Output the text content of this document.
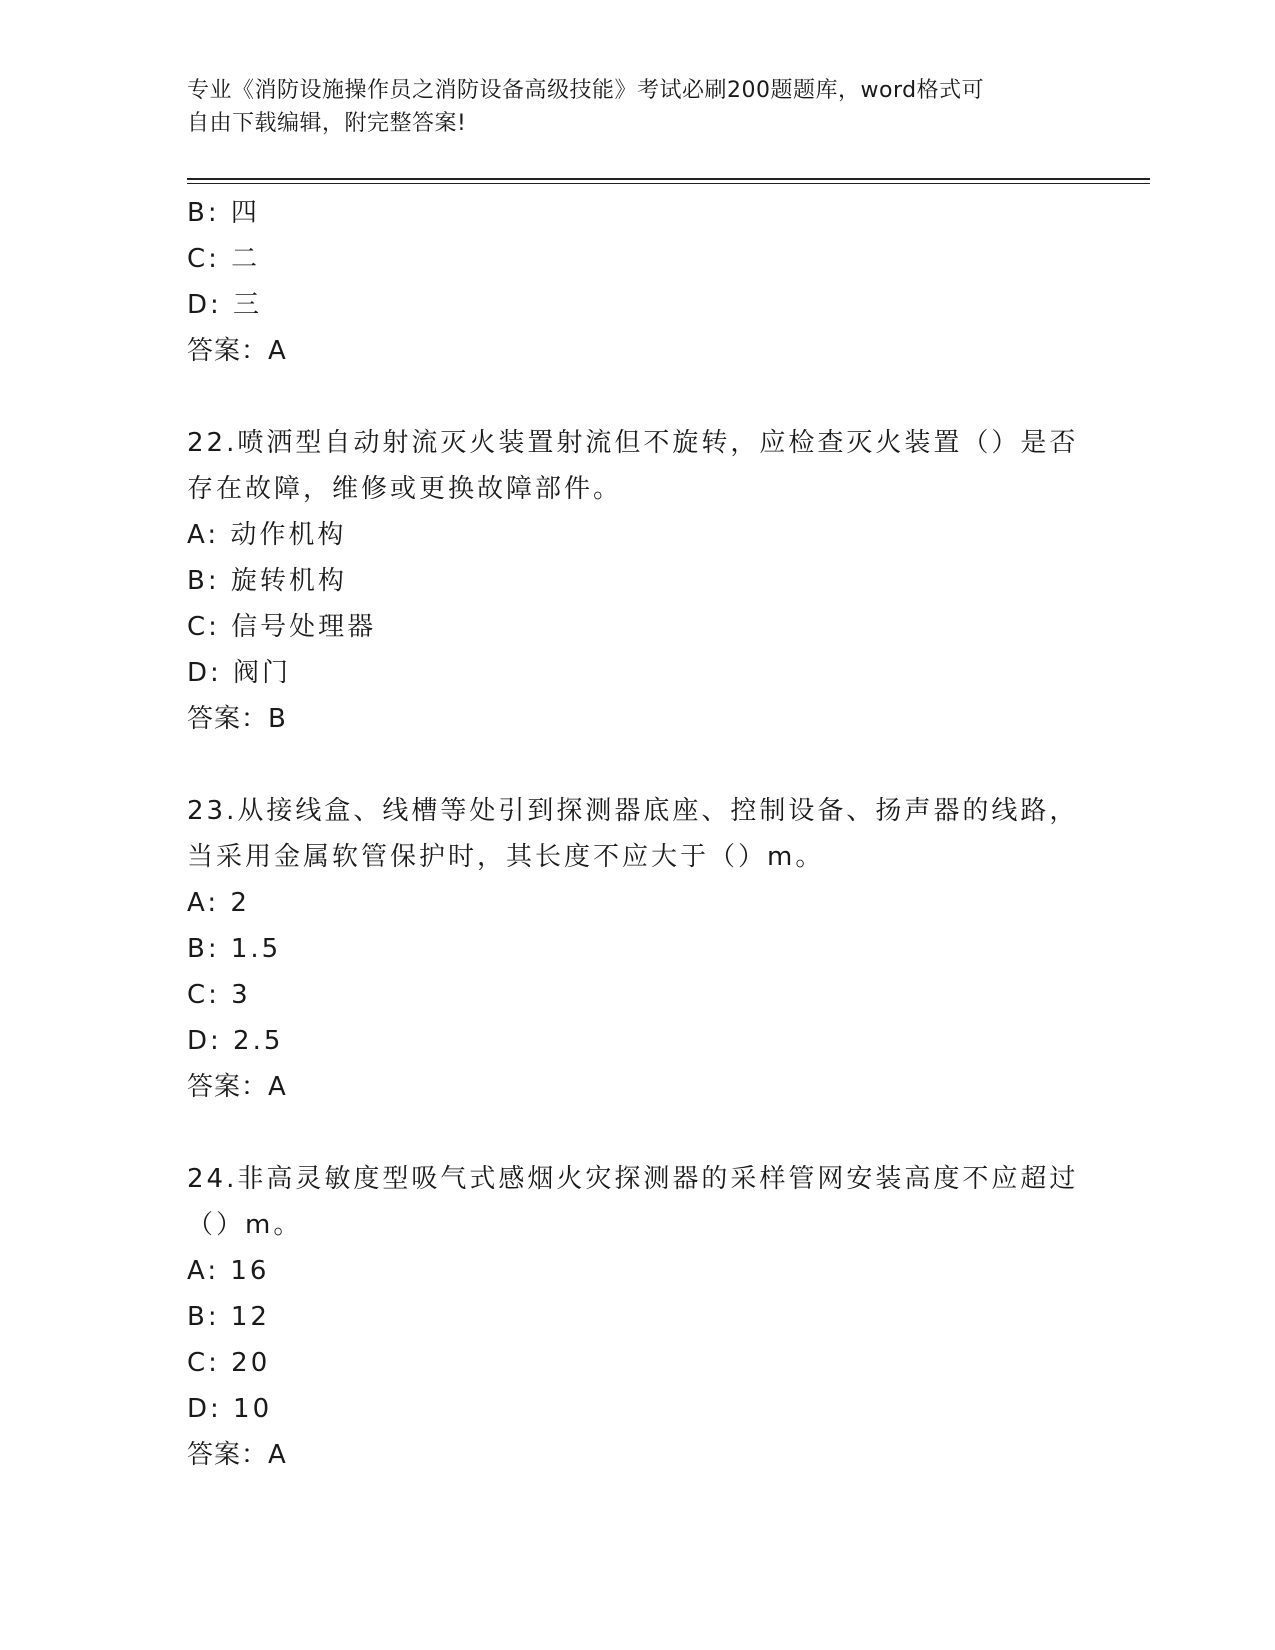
专业《消防设施操作员之消防设备高级技能》考试必刷200题题库，word格式可
自由下载编辑，附完整答案!
B: 四
C: 二
D: 三
答案：A
22.喷洒型自动射流灭火装置射流但不旋转，应检查灭火装置（）是否
存在故障，维修或更换故障部件。
A: 动作机构
B: 旋转机构
C: 信号处理器
D: 阀门
答案：B
23.从接线盒、线槽等处引到探测器底座、控制设备、扬声器的线路，
当采用金属软管保护时，其长度不应大于（）m。
A: 2
B: 1.5
C: 3
D: 2.5
答案：A
24.非高灵敏度型吸气式感烟火灾探测器的采样管网安装高度不应超过
（）m。
A: 16
B: 12
C: 20
D: 10
答案：A
